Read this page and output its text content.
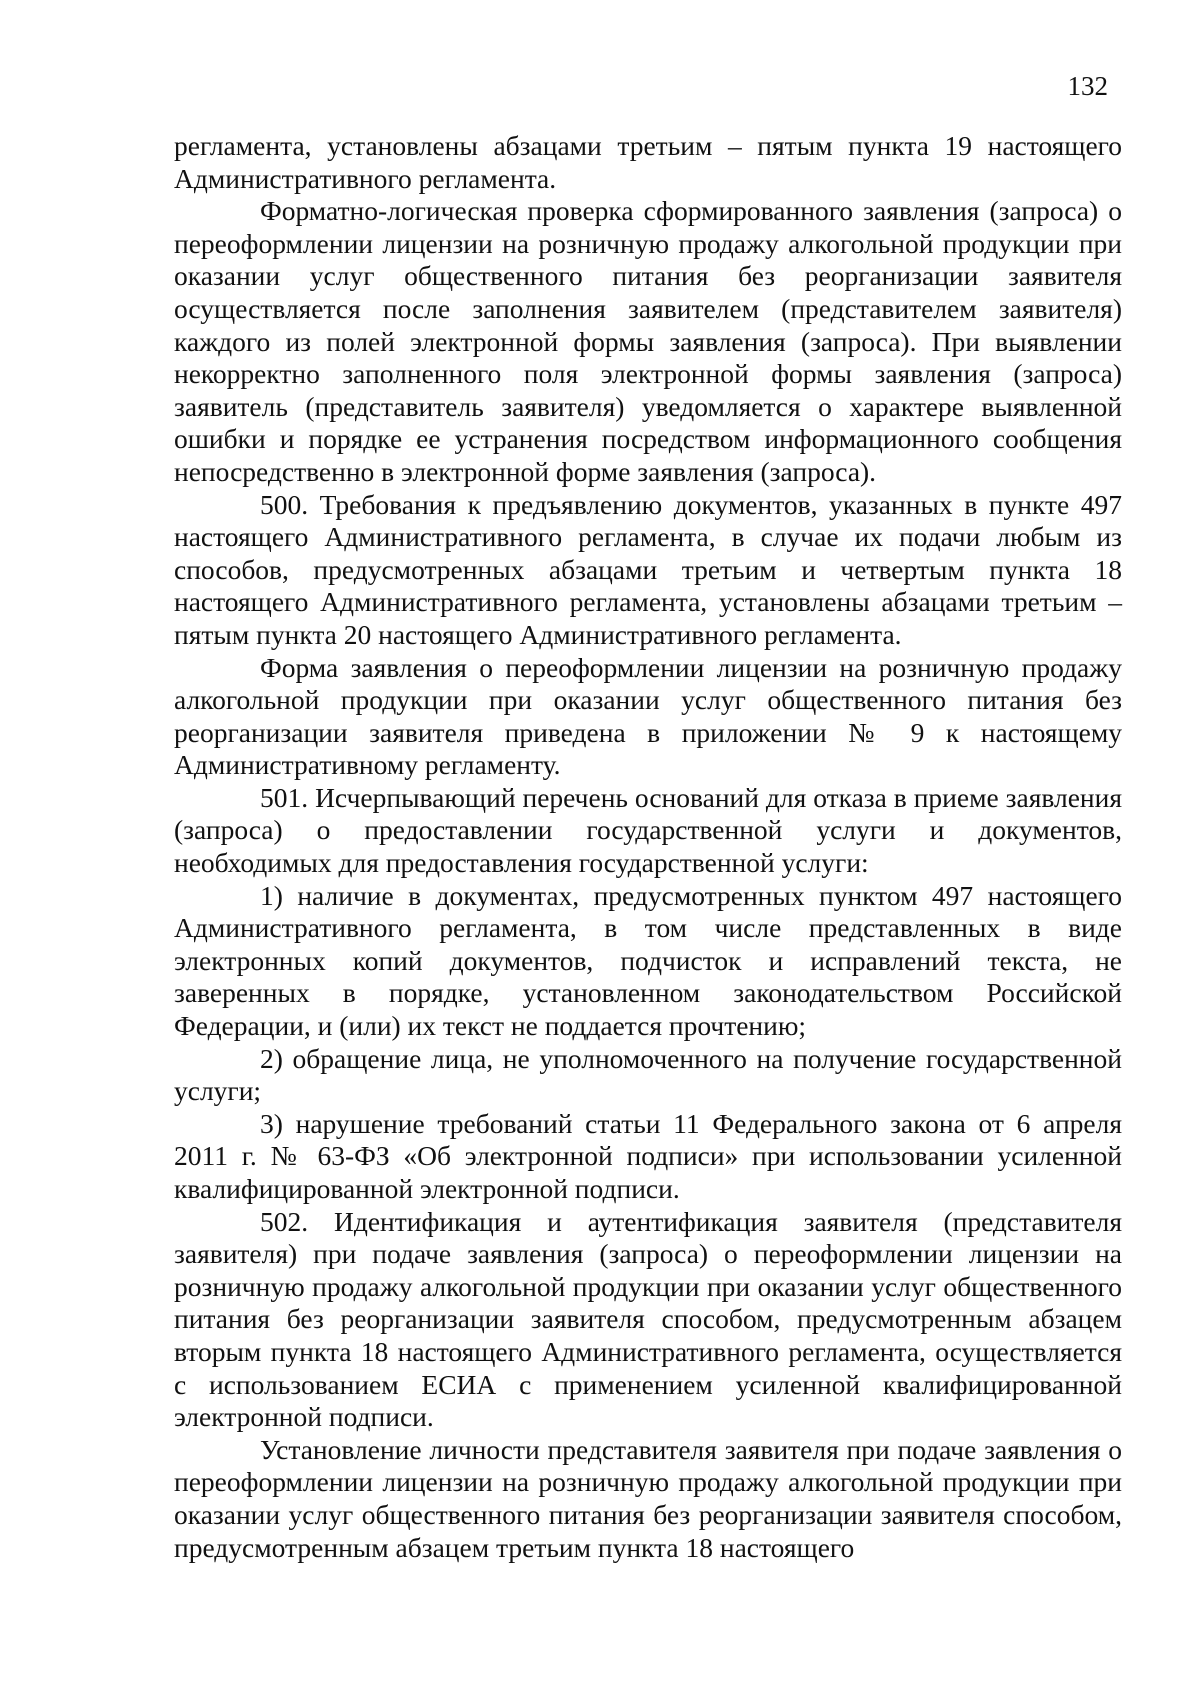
132

регламента, установлены абзацами третьим – пятым пункта 19 настоящего Административного регламента.

Форматно-логическая проверка сформированного заявления (запроса) о переоформлении лицензии на розничную продажу алкогольной продукции при оказании услуг общественного питания без реорганизации заявителя осуществляется после заполнения заявителем (представителем заявителя) каждого из полей электронной формы заявления (запроса). При выявлении некорректно заполненного поля электронной формы заявления (запроса) заявитель (представитель заявителя) уведомляется о характере выявленной ошибки и порядке ее устранения посредством информационного сообщения непосредственно в электронной форме заявления (запроса).

500. Требования к предъявлению документов, указанных в пункте 497 настоящего Административного регламента, в случае их подачи любым из способов, предусмотренных абзацами третьим и четвертым пункта 18 настоящего Административного регламента, установлены абзацами третьим – пятым пункта 20 настоящего Административного регламента.

Форма заявления о переоформлении лицензии на розничную продажу алкогольной продукции при оказании услуг общественного питания без реорганизации заявителя приведена в приложении № 9 к настоящему Административному регламенту.

501. Исчерпывающий перечень оснований для отказа в приеме заявления (запроса) о предоставлении государственной услуги и документов, необходимых для предоставления государственной услуги:

1) наличие в документах, предусмотренных пунктом 497 настоящего Административного регламента, в том числе представленных в виде электронных копий документов, подчисток и исправлений текста, не заверенных в порядке, установленном законодательством Российской Федерации, и (или) их текст не поддается прочтению;

2) обращение лица, не уполномоченного на получение государственной услуги;

3) нарушение требований статьи 11 Федерального закона от 6 апреля 2011 г. № 63-ФЗ «Об электронной подписи» при использовании усиленной квалифицированной электронной подписи.

502. Идентификация и аутентификация заявителя (представителя заявителя) при подаче заявления (запроса) о переоформлении лицензии на розничную продажу алкогольной продукции при оказании услуг общественного питания без реорганизации заявителя способом, предусмотренным абзацем вторым пункта 18 настоящего Административного регламента, осуществляется с использованием ЕСИА с применением усиленной квалифицированной электронной подписи.

Установление личности представителя заявителя при подаче заявления о переоформлении лицензии на розничную продажу алкогольной продукции при оказании услуг общественного питания без реорганизации заявителя способом, предусмотренным абзацем третьим пункта 18 настоящего
